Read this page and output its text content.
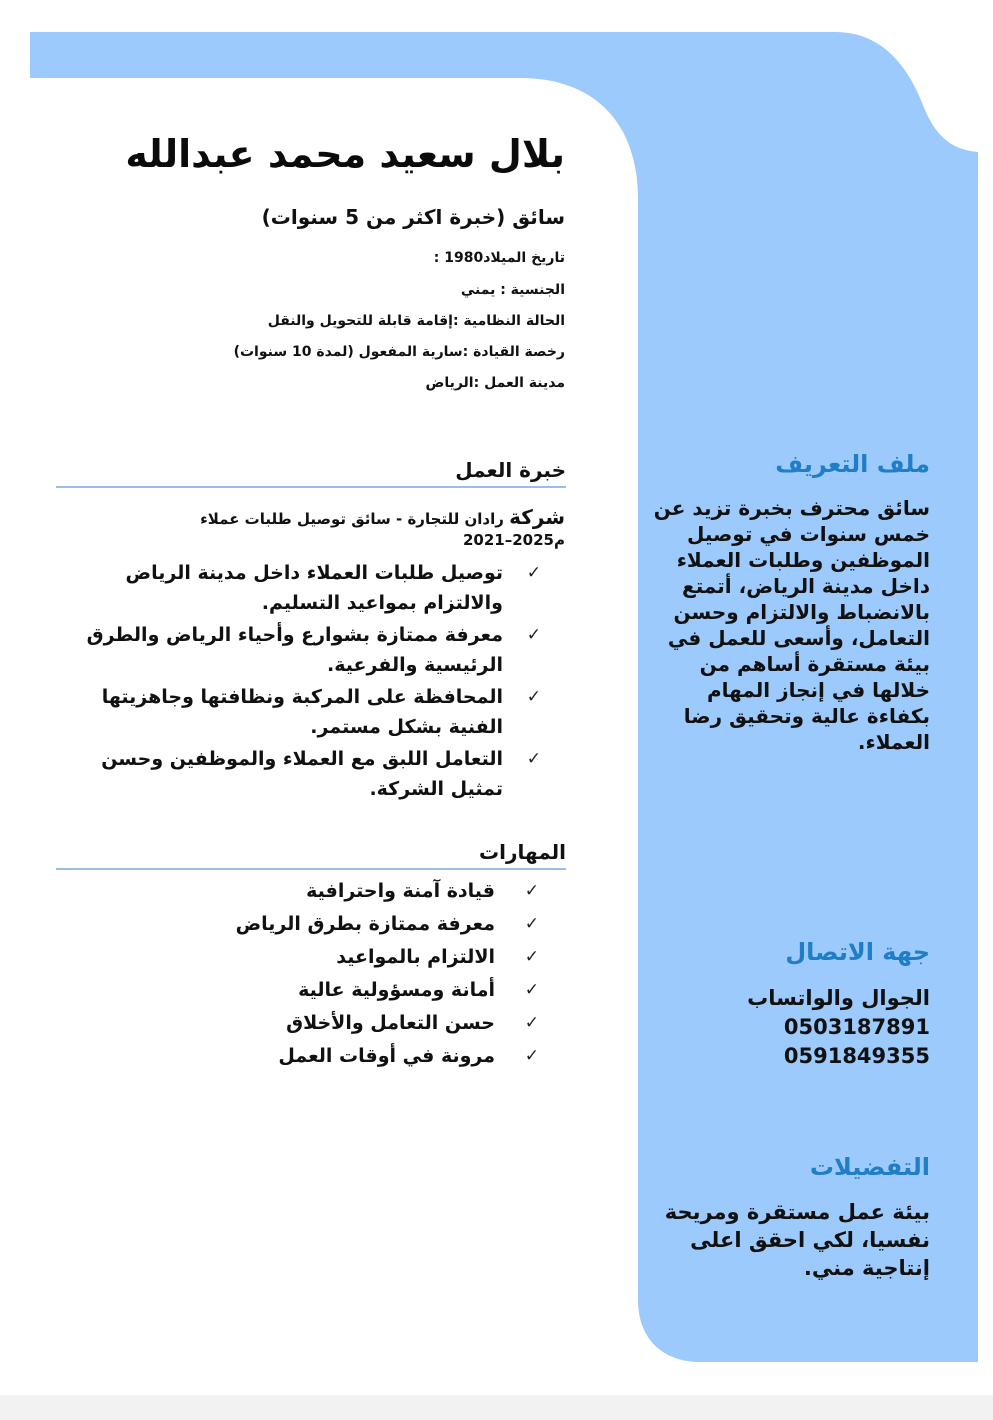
بلال سعيد محمد عبدالله
سائق (خبرة اكثر من 5 سنوات)
تاريخ الميلاد1980 :
الجنسية : يمني
الحالة النظامية :إقامة قابلة للتحويل والنقل
رخصة القيادة :سارية المفعول (لمدة 10 سنوات)
مدينة العمل :الرياض
خبرة العمل
شركة رادان للتجارة - سائق توصيل طلبات عملاء
2021–2025م
✓
توصيل طلبات العملاء داخل مدينة الرياض والالتزام بمواعيد التسليم.
✓
معرفة ممتازة بشوارع وأحياء الرياض والطرق الرئيسية والفرعية.
✓
المحافظة على المركبة ونظافتها وجاهزيتها الفنية بشكل مستمر.
✓
التعامل اللبق مع العملاء والموظفين وحسن تمثيل الشركة.
المهارات
✓
قيادة آمنة واحترافية
✓
معرفة ممتازة بطرق الرياض
✓
الالتزام بالمواعيد
✓
أمانة ومسؤولية عالية
✓
حسن التعامل والأخلاق
✓
مرونة في أوقات العمل
ملف التعريف
سائق محترف بخبرة تزيد عن خمس سنوات في توصيل الموظفين وطلبات العملاء داخل مدينة الرياض، أتمتع بالانضباط والالتزام وحسن التعامل، وأسعى للعمل في بيئة مستقرة أساهم من خلالها في إنجاز المهام بكفاءة عالية وتحقيق رضا العملاء.
جهة الاتصال
الجوال والواتساب
0503187891
0591849355
التفضيلات
بيئة عمل مستقرة ومريحة نفسيا، لكي احقق اعلى إنتاجية مني.
